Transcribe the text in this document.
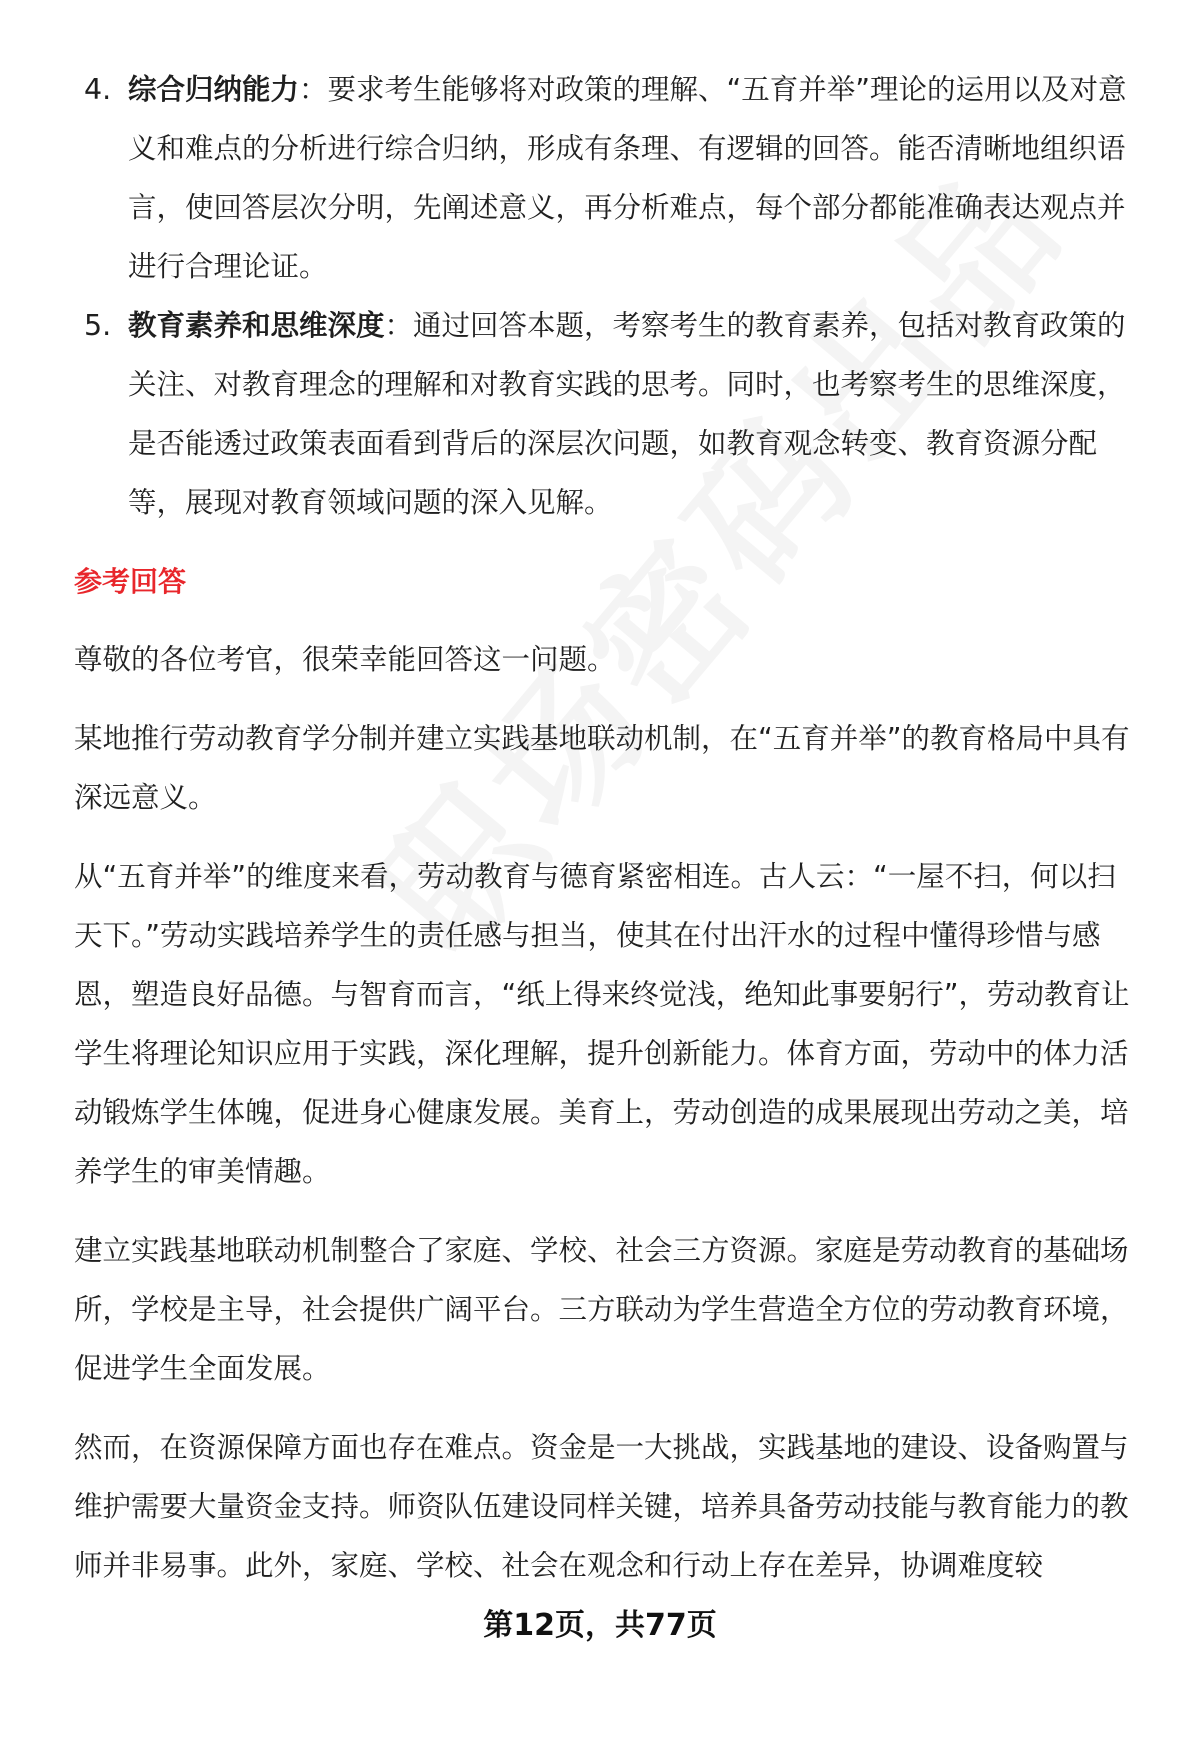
4. 综合归纳能力：要求考生能够将对政策的理解、“五育并举”理论的运用以及对意义和难点的分析进行综合归纳，形成有条理、有逻辑的回答。能否清晰地组织语言，使回答层次分明，先阐述意义，再分析难点，每个部分都能准确表达观点并进行合理论证。
5. 教育素养和思维深度：通过回答本题，考察考生的教育素养，包括对教育政策的关注、对教育理念的理解和对教育实践的思考。同时，也考察考生的思维深度，是否能透过政策表面看到背后的深层次问题，如教育观念转变、教育资源分配等，展现对教育领域问题的深入见解。
参考回答
尊敬的各位考官，很荣幸能回答这一问题。
某地推行劳动教育学分制并建立实践基地联动机制，在“五育并举”的教育格局中具有深远意义。
从“五育并举”的维度来看，劳动教育与德育紧密相连。古人云：“一屋不扫，何以扫天下。”劳动实践培养学生的责任感与担当，使其在付出汗水的过程中懂得珍惜与感恩，塑造良好品德。与智育而言，“纸上得来终觉浅，绝知此事要躬行”，劳动教育让学生将理论知识应用于实践，深化理解，提升创新能力。体育方面，劳动中的体力活动锻炼学生体魄，促进身心健康发展。美育上，劳动创造的成果展现出劳动之美，培养学生的审美情趣。
建立实践基地联动机制整合了家庭、学校、社会三方资源。家庭是劳动教育的基础场所，学校是主导，社会提供广阔平台。三方联动为学生营造全方位的劳动教育环境，促进学生全面发展。
然而，在资源保障方面也存在难点。资金是一大挑战，实践基地的建设、设备购置与维护需要大量资金支持。师资队伍建设同样关键，培养具备劳动技能与教育能力的教师并非易事。此外，家庭、学校、社会在观念和行动上存在差异，协调难度较
第12页，共77页
